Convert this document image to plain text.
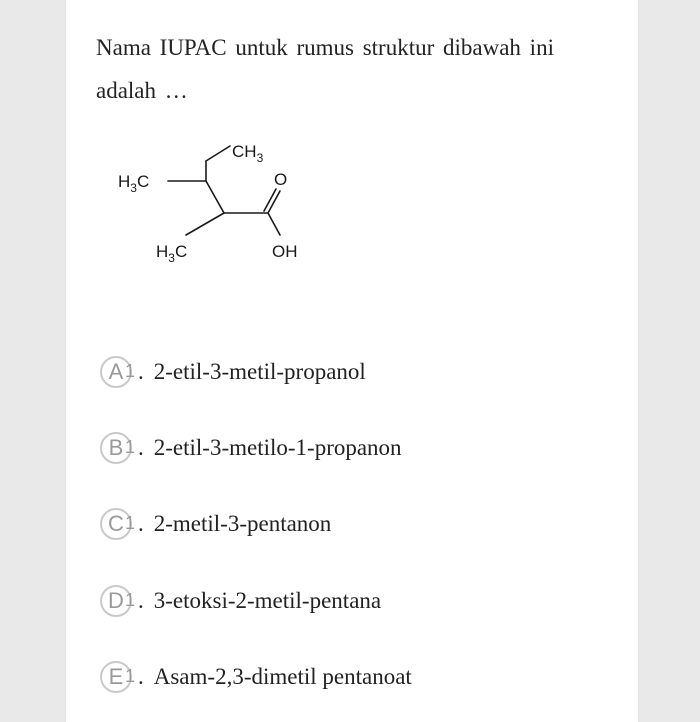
Nama IUPAC untuk rumus struktur dibawah ini adalah …
$CH_3$
$H_3C$	O
$H_3C$	OH
A 1 . 2-etil-3-metil-propanol
B 1 . 2-etil-3-metilo-1-propanon
C 1 . 2-metil-3-pentanon
D 1 . 3-etoksi-2-metil-pentana
E 1 . Asam-2,3-dimetil pentanoat
